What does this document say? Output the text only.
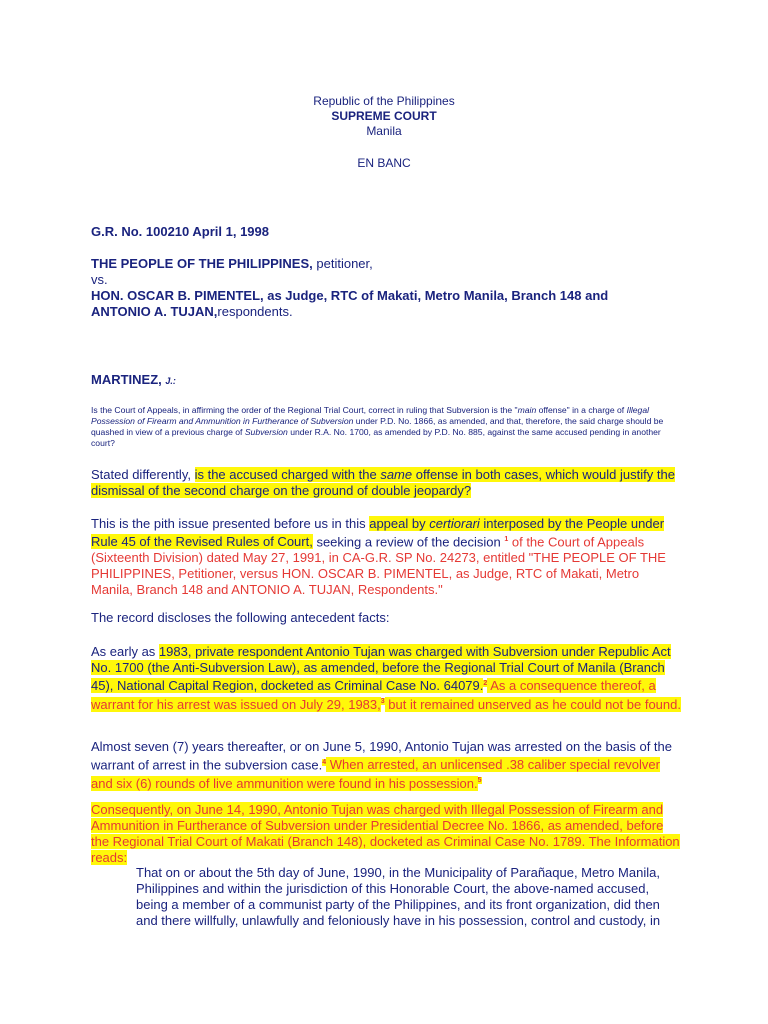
Republic of the Philippines
SUPREME COURT
Manila
EN BANC
G.R. No. 100210 April 1, 1998
THE PEOPLE OF THE PHILIPPINES, petitioner,
vs.
HON. OSCAR B. PIMENTEL, as Judge, RTC of Makati, Metro Manila, Branch 148 and ANTONIO A. TUJAN,respondents.
MARTINEZ, J.:
Is the Court of Appeals, in affirming the order of the Regional Trial Court, correct in ruling that Subversion is the "main offense" in a charge of Illegal Possession of Firearm and Ammunition in Furtherance of Subversion under P.D. No. 1866, as amended, and that, therefore, the said charge should be quashed in view of a previous charge of Subversion under R.A. No. 1700, as amended by P.D. No. 885, against the same accused pending in another court?
Stated differently, is the accused charged with the same offense in both cases, which would justify the dismissal of the second charge on the ground of double jeopardy?
This is the pith issue presented before us in this appeal by certiorari interposed by the People under Rule 45 of the Revised Rules of Court, seeking a review of the decision $^1$ of the Court of Appeals (Sixteenth Division) dated May 27, 1991, in CA-G.R. SP No. 24273, entitled "THE PEOPLE OF THE PHILIPPINES, Petitioner, versus HON. OSCAR B. PIMENTEL, as Judge, RTC of Makati, Metro Manila, Branch 148 and ANTONIO A. TUJAN, Respondents."
The record discloses the following antecedent facts:
As early as 1983, private respondent Antonio Tujan was charged with Subversion under Republic Act No. 1700 (the Anti-Subversion Law), as amended, before the Regional Trial Court of Manila (Branch 45), National Capital Region, docketed as Criminal Case No. 64079.$^2$ As a consequence thereof, a warrant for his arrest was issued on July 29, 1983,$^3$ but it remained unserved as he could not be found.
Almost seven (7) years thereafter, or on June 5, 1990, Antonio Tujan was arrested on the basis of the warrant of arrest in the subversion case.$^4$ When arrested, an unlicensed .38 caliber special revolver and six (6) rounds of live ammunition were found in his possession.$^5$
Consequently, on June 14, 1990, Antonio Tujan was charged with Illegal Possession of Firearm and Ammunition in Furtherance of Subversion under Presidential Decree No. 1866, as amended, before the Regional Trial Court of Makati (Branch 148), docketed as Criminal Case No. 1789. The Information reads:
That on or about the 5th day of June, 1990, in the Municipality of Parañaque, Metro Manila, Philippines and within the jurisdiction of this Honorable Court, the above-named accused, being a member of a communist party of the Philippines, and its front organization, did then and there willfully, unlawfully and feloniously have in his possession, control and custody, in
